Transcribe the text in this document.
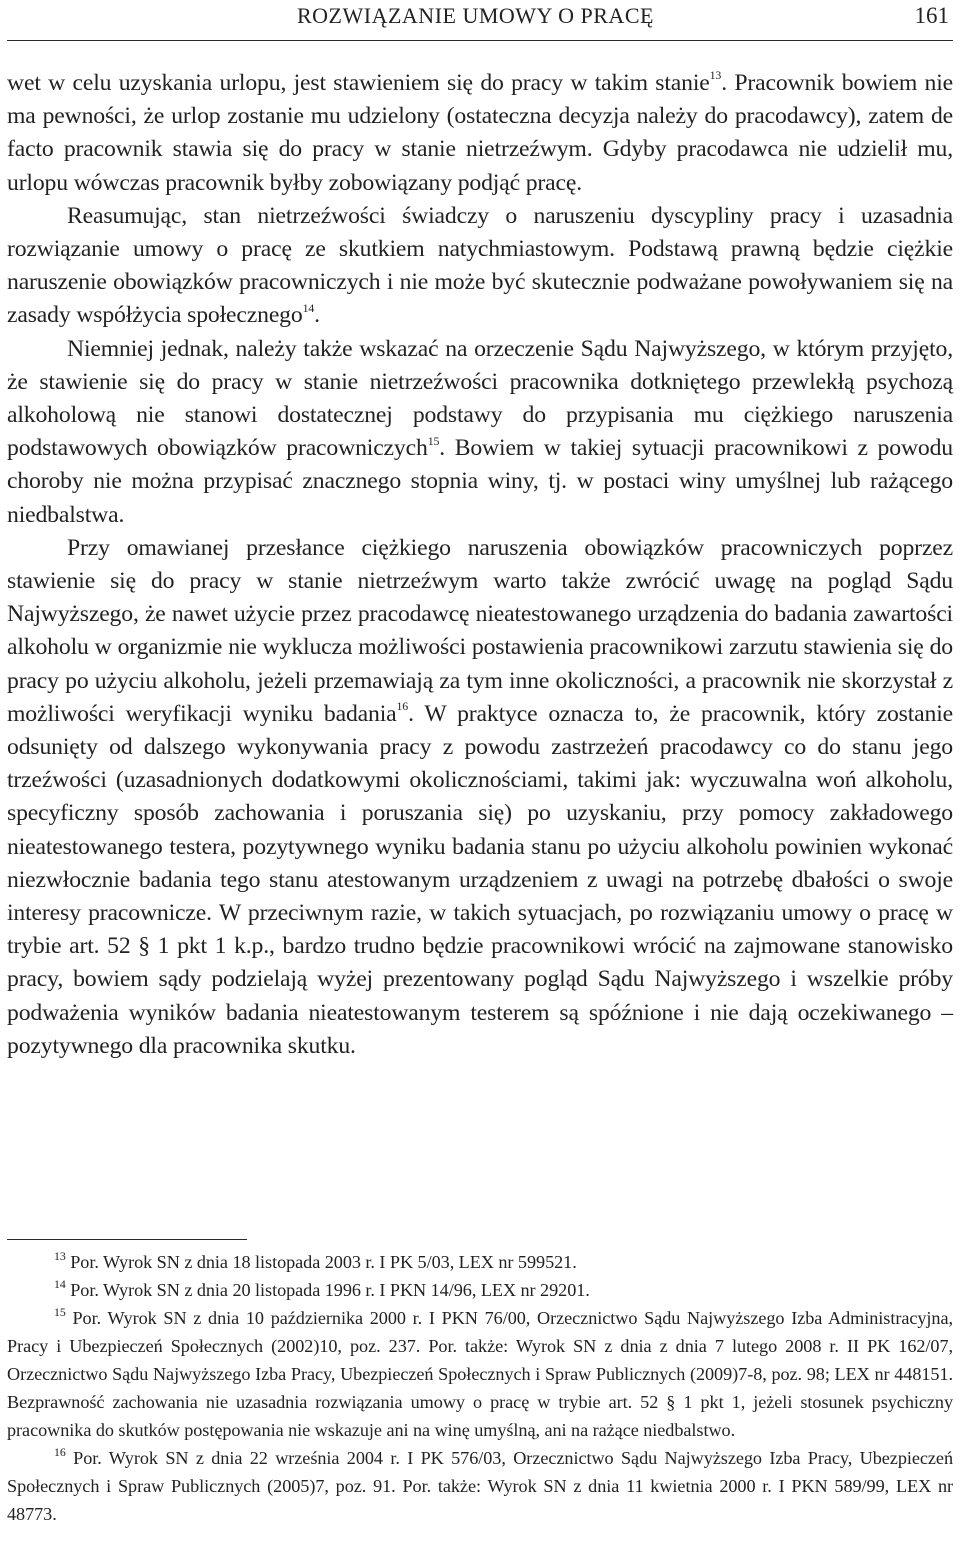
ROZWIĄZANIE UMOWY O PRACĘ	161

wet w celu uzyskania urlopu, jest stawieniem się do pracy w takim stanie$^{13}$. Pracownik bowiem nie ma pewności, że urlop zostanie mu udzielony (ostateczna decyzja należy do pracodawcy), zatem de facto pracownik stawia się do pracy w stanie nietrzeźwym. Gdyby pracodawca nie udzielił mu, urlopu wówczas pracownik byłby zobowiązany podjąć pracę.

Reasumując, stan nietrzeźwości świadczy o naruszeniu dyscypliny pracy i uzasadnia rozwiązanie umowy o pracę ze skutkiem natychmiastowym. Podstawą prawną będzie ciężkie naruszenie obowiązków pracowniczych i nie może być skutecznie podważane powoływaniem się na zasady współżycia społecznego$^{14}$.

Niemniej jednak, należy także wskazać na orzeczenie Sądu Najwyższego, w którym przyjęto, że stawienie się do pracy w stanie nietrzeźwości pracownika dotkniętego przewlekłą psychozą alkoholową nie stanowi dostatecznej podstawy do przypisania mu ciężkiego naruszenia podstawowych obowiązków pracowniczych$^{15}$. Bowiem w takiej sytuacji pracownikowi z powodu choroby nie można przypisać znacznego stopnia winy, tj. w postaci winy umyślnej lub rażącego niedbalstwa.

Przy omawianej przesłance ciężkiego naruszenia obowiązków pracowniczych poprzez stawienie się do pracy w stanie nietrzeźwym warto także zwrócić uwagę na pogląd Sądu Najwyższego, że nawet użycie przez pracodawcę nieatestowanego urządzenia do badania zawartości alkoholu w organizmie nie wyklucza możliwości postawienia pracownikowi zarzutu stawienia się do pracy po użyciu alkoholu, jeżeli przemawiają za tym inne okoliczności, a pracownik nie skorzystał z możliwości weryfikacji wyniku badania$^{16}$. W praktyce oznacza to, że pracownik, który zostanie odsunięty od dalszego wykonywania pracy z powodu zastrzeżeń pracodawcy co do stanu jego trzeźwości (uzasadnionych dodatkowymi okolicznościami, takimi jak: wyczuwalna woń alkoholu, specyficzny sposób zachowania i poruszania się) po uzyskaniu, przy pomocy zakładowego nieatestowanego testera, pozytywnego wyniku badania stanu po użyciu alkoholu powinien wykonać niezwłocznie badania tego stanu atestowanym urządzeniem z uwagi na potrzebę dbałości o swoje interesy pracownicze. W przeciwnym razie, w takich sytuacjach, po rozwiązaniu umowy o pracę w trybie art. 52 § 1 pkt 1 k.p., bardzo trudno będzie pracownikowi wrócić na zajmowane stanowisko pracy, bowiem sądy podzielają wyżej prezentowany pogląd Sądu Najwyższego i wszelkie próby podważenia wyników badania nieatestowanym testerem są spóźnione i nie dają oczekiwanego – pozytywnego dla pracownika skutku.

$^{13}$ Por. Wyrok SN z dnia 18 listopada 2003 r. I PK 5/03, LEX nr 599521.

$^{14}$ Por. Wyrok SN z dnia 20 listopada 1996 r. I PKN 14/96, LEX nr 29201.

$^{15}$ Por. Wyrok SN z dnia 10 października 2000 r. I PKN 76/00, Orzecznictwo Sądu Najwyższego Izba Administracyjna, Pracy i Ubezpieczeń Społecznych (2002)10, poz. 237. Por. także: Wyrok SN z dnia z dnia 7 lutego 2008 r. II PK 162/07, Orzecznictwo Sądu Najwyższego Izba Pracy, Ubezpieczeń Społecznych i Spraw Publicznych (2009)7-8, poz. 98; LEX nr 448151. Bezprawność zachowania nie uzasadnia rozwiązania umowy o pracę w trybie art. 52 § 1 pkt 1, jeżeli stosunek psychiczny pracownika do skutków postępowania nie wskazuje ani na winę umyślną, ani na rażące niedbalstwo.

$^{16}$ Por. Wyrok SN z dnia 22 września 2004 r. I PK 576/03, Orzecznictwo Sądu Najwyższego Izba Pracy, Ubezpieczeń Społecznych i Spraw Publicznych (2005)7, poz. 91. Por. także: Wyrok SN z dnia 11 kwietnia 2000 r. I PKN 589/99, LEX nr 48773.
